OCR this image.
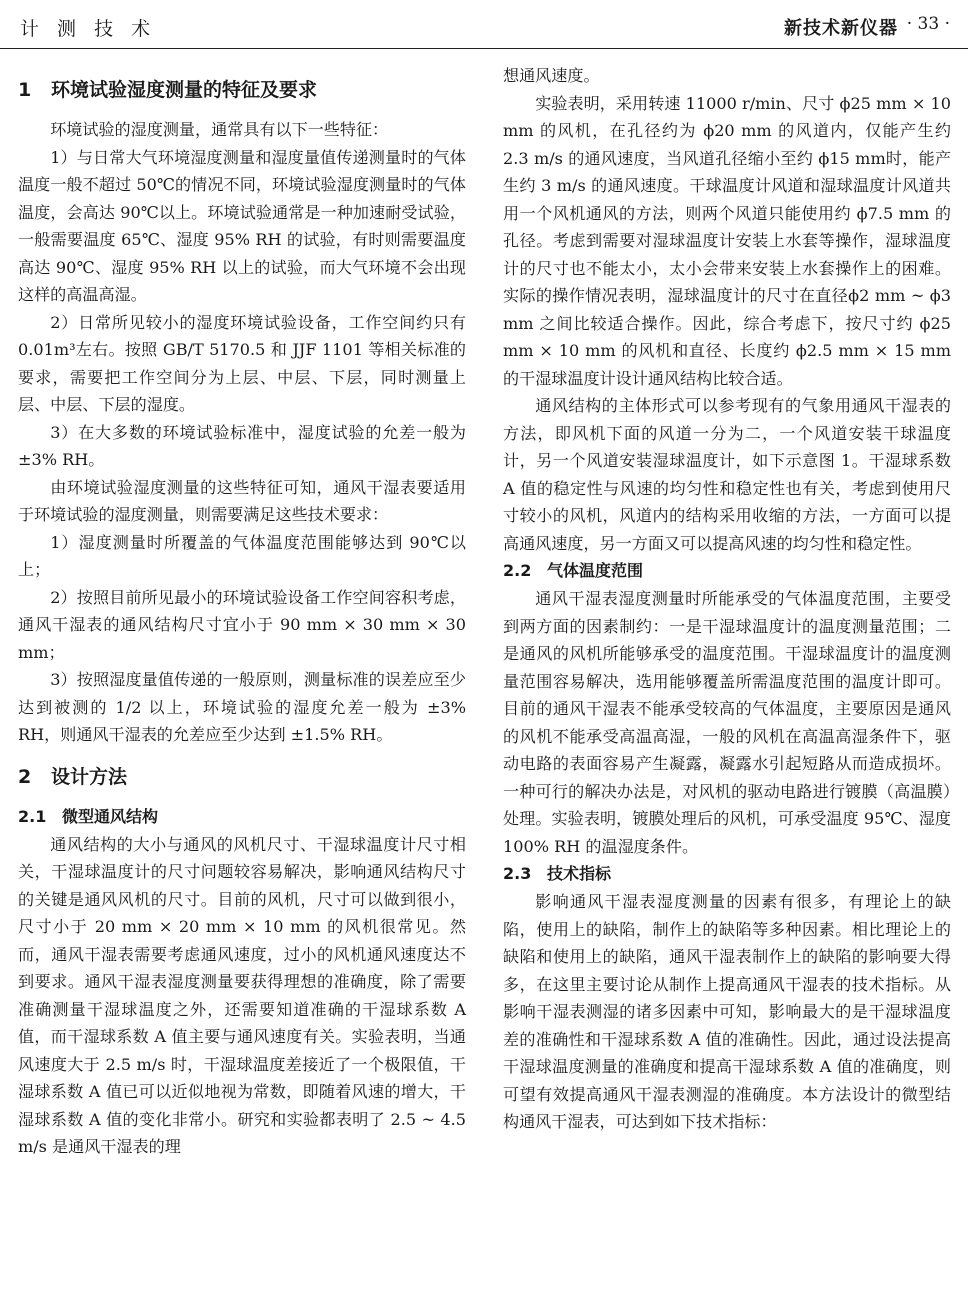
计 测 技 术	新技术新仪器 · 33 ·
1 环境试验湿度测量的特征及要求

环境试验的湿度测量，通常具有以下一些特征：

1）与日常大气环境湿度测量和湿度量值传递测量时的气体温度一般不超过 50℃的情况不同，环境试验湿度测量时的气体温度，会高达 90℃以上。环境试验通常是一种加速耐受试验，一般需要温度 65℃、湿度 95% RH 的试验，有时则需要温度高达 90℃、湿度 95% RH 以上的试验，而大气环境不会出现这样的高温高湿。

2）日常所见较小的湿度环境试验设备，工作空间约只有 0.01m³左右。按照 GB/T 5170.5 和 JJF 1101 等相关标准的要求，需要把工作空间分为上层、中层、下层，同时测量上层、中层、下层的湿度。

3）在大多数的环境试验标准中，湿度试验的允差一般为 ±3% RH。

由环境试验湿度测量的这些特征可知，通风干湿表要适用于环境试验的湿度测量，则需要满足这些技术要求：

1）湿度测量时所覆盖的气体温度范围能够达到 90℃以上；

2）按照目前所见最小的环境试验设备工作空间容积考虑，通风干湿表的通风结构尺寸宜小于 90 mm × 30 mm × 30 mm；

3）按照湿度量值传递的一般原则，测量标准的误差应至少达到被测的 1/2 以上，环境试验的湿度允差一般为 ±3% RH，则通风干湿表的允差应至少达到 ±1.5% RH。

2 设计方法
2.1 微型通风结构

通风结构的大小与通风的风机尺寸、干湿球温度计尺寸相关，干湿球温度计的尺寸问题较容易解决，影响通风结构尺寸的关键是通风风机的尺寸。目前的风机，尺寸可以做到很小，尺寸小于 20 mm × 20 mm × 10 mm 的风机很常见。然而，通风干湿表需要考虑通风速度，过小的风机通风速度达不到要求。通风干湿表湿度测量要获得理想的准确度，除了需要准确测量干湿球温度之外，还需要知道准确的干湿球系数 A 值，而干湿球系数 A 值主要与通风速度有关。实验表明，当通风速度大于 2.5 m/s 时，干湿球温度差接近了一个极限值，干湿球系数 A 值已可以近似地视为常数，即随着风速的增大，干湿球系数 A 值的变化非常小。研究和实验都表明了 2.5 ~ 4.5 m/s 是通风干湿表的理

想通风速度。

实验表明，采用转速 11000 r/min、尺寸 ϕ25 mm × 10 mm 的风机，在孔径约为 ϕ20 mm 的风道内，仅能产生约 2.3 m/s 的通风速度，当风道孔径缩小至约 ϕ15 mm时，能产生约 3 m/s 的通风速度。干球温度计风道和湿球温度计风道共用一个风机通风的方法，则两个风道只能使用约 ϕ7.5 mm 的孔径。考虑到需要对湿球温度计安装上水套等操作，湿球温度计的尺寸也不能太小，太小会带来安装上水套操作上的困难。实际的操作情况表明，湿球温度计的尺寸在直径ϕ2 mm ~ ϕ3 mm 之间比较适合操作。因此，综合考虑下，按尺寸约 ϕ25 mm × 10 mm 的风机和直径、长度约 ϕ2.5 mm × 15 mm的干湿球温度计设计通风结构比较合适。

通风结构的主体形式可以参考现有的气象用通风干湿表的方法，即风机下面的风道一分为二，一个风道安装干球温度计，另一个风道安装湿球温度计，如下示意图 1。干湿球系数 A 值的稳定性与风速的均匀性和稳定性也有关，考虑到使用尺寸较小的风机，风道内的结构采用收缩的方法，一方面可以提高通风速度，另一方面又可以提高风速的均匀性和稳定性。

2.2 气体温度范围

通风干湿表湿度测量时所能承受的气体温度范围，主要受到两方面的因素制约：一是干湿球温度计的温度测量范围；二是通风的风机所能够承受的温度范围。干湿球温度计的温度测量范围容易解决，选用能够覆盖所需温度范围的温度计即可。目前的通风干湿表不能承受较高的气体温度，主要原因是通风的风机不能承受高温高湿，一般的风机在高温高湿条件下，驱动电路的表面容易产生凝露，凝露水引起短路从而造成损坏。一种可行的解决办法是，对风机的驱动电路进行镀膜（高温膜）处理。实验表明，镀膜处理后的风机，可承受温度 95℃、湿度 100% RH 的温湿度条件。

2.3 技术指标

影响通风干湿表湿度测量的因素有很多，有理论上的缺陷，使用上的缺陷，制作上的缺陷等多种因素。相比理论上的缺陷和使用上的缺陷，通风干湿表制作上的缺陷的影响要大得多，在这里主要讨论从制作上提高通风干湿表的技术指标。从影响干湿表测湿的诸多因素中可知，影响最大的是干湿球温度差的准确性和干湿球系数 A 值的准确性。因此，通过设法提高干湿球温度测量的准确度和提高干湿球系数 A 值的准确度，则可望有效提高通风干湿表测湿的准确度。本方法设计的微型结构通风干湿表，可达到如下技术指标：
